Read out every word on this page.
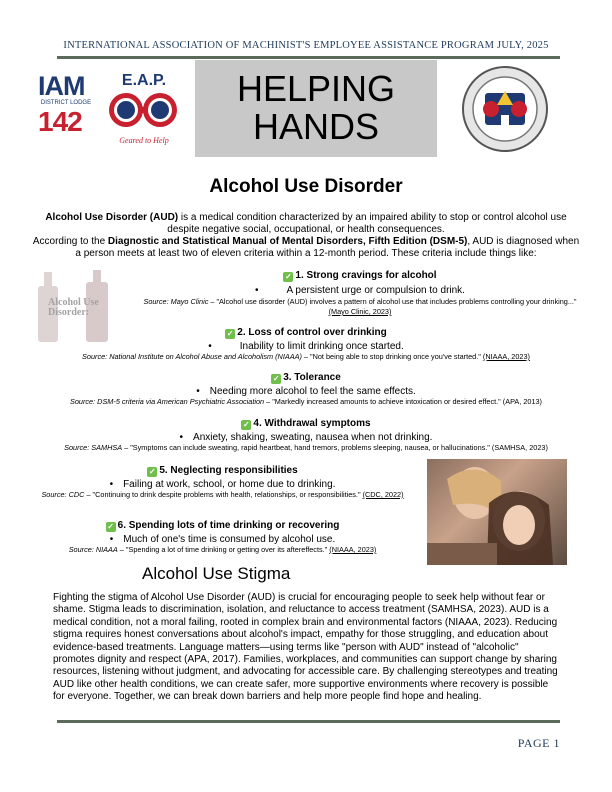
INTERNATIONAL ASSOCIATION OF MACHINIST'S EMPLOYEE ASSISTANCE PROGRAM JULY, 2025
IAM
DISTRICT LODGE
142
E.A.P.
Geared to Help
HELPING
HANDS
Alcohol Use Disorder
Alcohol Use Disorder (AUD) is a medical condition characterized by an impaired ability to stop or control alcohol use despite negative social, occupational, or health consequences.
According to the Diagnostic and Statistical Manual of Mental Disorders, Fifth Edition (DSM-5), AUD is diagnosed when a person meets at least two of eleven criteria within a 12-month period. These criteria include things like:
Alcohol Use
Disorder:
✓ 1. Strong cravings for alcohol
•	A persistent urge or compulsion to drink.
Source: Mayo Clinic – "Alcohol use disorder (AUD) involves a pattern of alcohol use that includes problems controlling your drinking..." (Mayo Clinic, 2023)
✓ 2. Loss of control over drinking
•	Inability to limit drinking once started.
Source: National Institute on Alcohol Abuse and Alcoholism (NIAAA) – "Not being able to stop drinking once you've started." (NIAAA, 2023)
✓ 3. Tolerance
• Needing more alcohol to feel the same effects.
Source: DSM-5 criteria via American Psychiatric Association – "Markedly increased amounts to achieve intoxication or desired effect." (APA, 2013)
✓ 4. Withdrawal symptoms
• Anxiety, shaking, sweating, nausea when not drinking.
Source: SAMHSA – "Symptoms can include sweating, rapid heartbeat, hand tremors, problems sleeping, nausea, or hallucinations." (SAMHSA, 2023)
✓ 5. Neglecting responsibilities
• Failing at work, school, or home due to drinking.
Source: CDC – "Continuing to drink despite problems with health, relationships, or responsibilities." (CDC, 2022)
✓ 6. Spending lots of time drinking or recovering
• Much of one's time is consumed by alcohol use.
Source: NIAAA – "Spending a lot of time drinking or getting over its aftereffects." (NIAAA, 2023)
Alcohol Use Stigma
Fighting the stigma of Alcohol Use Disorder (AUD) is crucial for encouraging people to seek help without fear or shame. Stigma leads to discrimination, isolation, and reluctance to access treatment (SAMHSA, 2023). AUD is a medical condition, not a moral failing, rooted in complex brain and environmental factors (NIAAA, 2023). Reducing stigma requires honest conversations about alcohol's impact, empathy for those struggling, and education about evidence-based treatments. Language matters—using terms like "person with AUD" instead of "alcoholic" promotes dignity and respect (APA, 2017). Families, workplaces, and communities can support change by sharing resources, listening without judgment, and advocating for accessible care. By challenging stereotypes and treating AUD like other health conditions, we can create safer, more supportive environments where recovery is possible for everyone. Together, we can break down barriers and help more people find hope and healing.
PAGE 1
